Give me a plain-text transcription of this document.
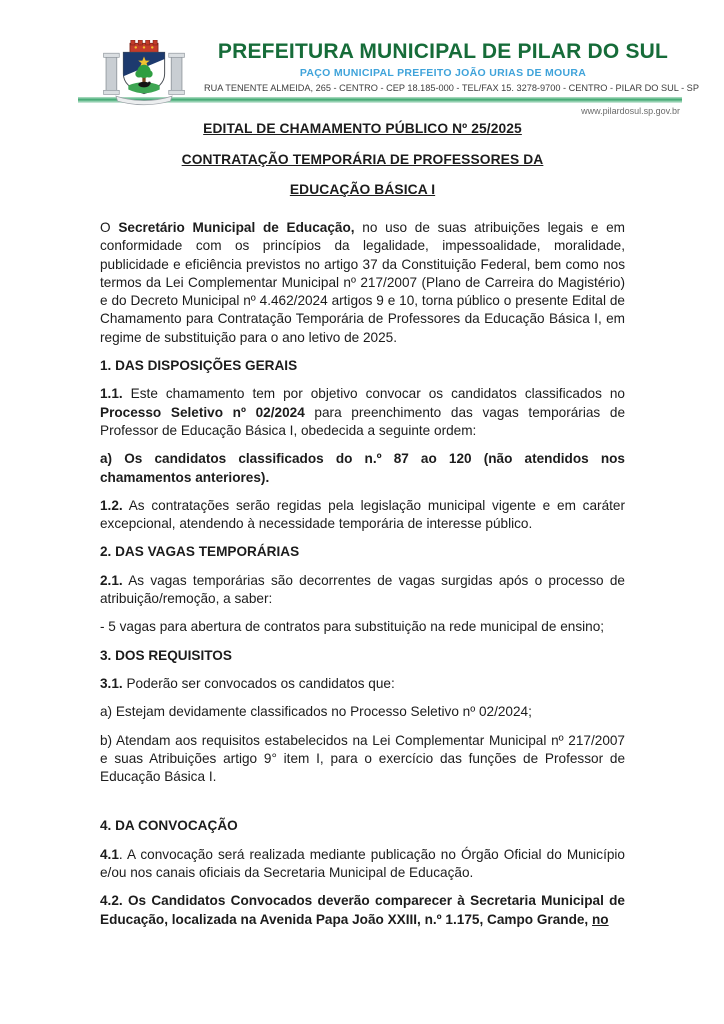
PREFEITURA MUNICIPAL DE PILAR DO SUL
PAÇO MUNICIPAL PREFEITO JOÃO URIAS DE MOURA
RUA TENENTE ALMEIDA, 265 - CENTRO - CEP 18.185-000 - TEL/FAX 15. 3278-9700 - CENTRO - PILAR DO SUL - SP
www.pilardosul.sp.gov.br
EDITAL DE CHAMAMENTO PÚBLICO Nº 25/2025
CONTRATAÇÃO TEMPORÁRIA DE PROFESSORES DA
EDUCAÇÃO BÁSICA I

O Secretário Municipal de Educação, no uso de suas atribuições legais e em conformidade com os princípios da legalidade, impessoalidade, moralidade, publicidade e eficiência previstos no artigo 37 da Constituição Federal, bem como nos termos da Lei Complementar Municipal nº 217/2007 (Plano de Carreira do Magistério) e do Decreto Municipal nº 4.462/2024 artigos 9 e 10, torna público o presente Edital de Chamamento para Contratação Temporária de Professores da Educação Básica I, em regime de substituição para o ano letivo de 2025.

1. DAS DISPOSIÇÕES GERAIS

1.1. Este chamamento tem por objetivo convocar os candidatos classificados no Processo Seletivo nº 02/2024 para preenchimento das vagas temporárias de Professor de Educação Básica I, obedecida a seguinte ordem:

a) Os candidatos classificados do n.º 87 ao 120 (não atendidos nos chamamentos anteriores).

1.2. As contratações serão regidas pela legislação municipal vigente e em caráter excepcional, atendendo à necessidade temporária de interesse público.

2. DAS VAGAS TEMPORÁRIAS

2.1. As vagas temporárias são decorrentes de vagas surgidas após o processo de atribuição/remoção, a saber:

- 5 vagas para abertura de contratos para substituição na rede municipal de ensino;

3. DOS REQUISITOS

3.1. Poderão ser convocados os candidatos que:

a) Estejam devidamente classificados no Processo Seletivo nº 02/2024;

b) Atendam aos requisitos estabelecidos na Lei Complementar Municipal nº 217/2007 e suas Atribuições artigo 9° item I, para o exercício das funções de Professor de Educação Básica I.

4. DA CONVOCAÇÃO

4.1. A convocação será realizada mediante publicação no Órgão Oficial do Município e/ou nos canais oficiais da Secretaria Municipal de Educação.

4.2. Os Candidatos Convocados deverão comparecer à Secretaria Municipal de Educação, localizada na Avenida Papa João XXIII, n.º 1.175, Campo Grande, no
